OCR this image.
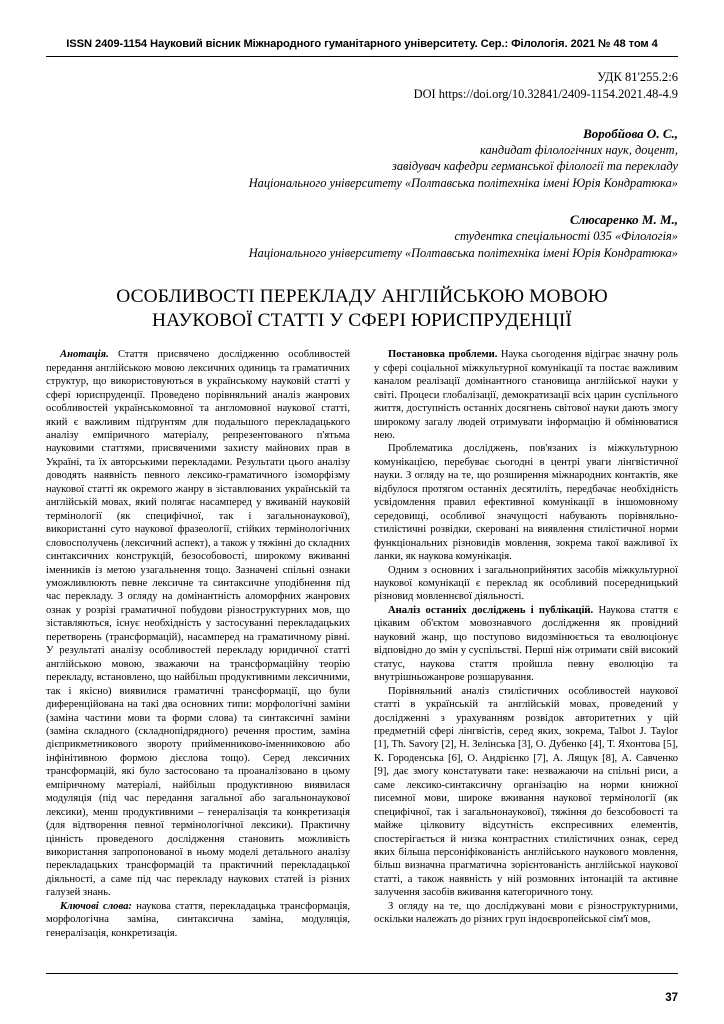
ISSN 2409-1154 Науковий вісник Міжнародного гуманітарного університету. Сер.: Філологія. 2021 № 48 том 4
УДК 81'255.2:6
DOI https://doi.org/10.32841/2409-1154.2021.48-4.9
Воробйова О. С.,
кандидат філологічних наук, доцент,
завідувач кафедри германської філології та перекладу
Національного університету «Полтавська політехніка імені Юрія Кондратюка»
Слюсаренко М. М.,
студентка спеціальності 035 «Філологія»
Національного університету «Полтавська політехніка імені Юрія Кондратюка»
ОСОБЛИВОСТІ ПЕРЕКЛАДУ АНГЛІЙСЬКОЮ МОВОЮ
НАУКОВОЇ СТАТТІ У СФЕРІ ЮРИСПРУДЕНЦІЇ

Анотація. Стаття присвячено дослідженню особливостей передання англійською мовою лексичних одиниць та граматичних структур, що використовуються в українському науковій статті у сфері юриспруденції. Проведено порівняльний аналіз жанрових особливостей українськомовної та англомовної наукової статті, який є важливим підґрунтям для подальшого перекладацького аналізу емпіричного матеріалу, репрезентованого п'ятьма науковими статтями, присвяченими захисту майнових прав в Україні, та їх авторськими перекладами. Результати цього аналізу доводять наявність певного лексико-граматичного ізоморфізму наукової статті як окремого жанру в зіставлюваних українській та англійській мовах, який полягає насамперед у вживаній науковій термінології (як специфічної, так і загальнонаукової), використанні суто наукової фразеології, стійких термінологічних словосполучень (лексичний аспект), а також у тяжінні до складних синтаксичних конструкцій, безособовості, широкому вживанні іменників із метою узагальнення тощо. Зазначені спільні ознаки уможливлюють певне лексичне та синтаксичне уподібнення під час перекладу. З огляду на домінантність аломорфних жанрових ознак у розрізі граматичної побудови різноструктурних мов, що зіставляються, існує необхідність у застосуванні перекладацьких перетворень (трансформацій), насамперед на граматичному рівні. У результаті аналізу особливостей перекладу юридичної статті англійською мовою, зважаючи на трансформаційну теорію перекладу, встановлено, що найбільш продуктивними лексичними, так і якісно) виявилися граматичні трансформації, що були диференційована на такі два основних типи: морфологічні заміни (заміна частини мови та форми слова) та синтаксичні заміни (заміна складного (складнопідрядного) речення простим, заміна дієприкметникового звороту прийменниково-іменниковою або інфінітивною формою дієслова тощо). Серед лексичних трансформацій, які було застосовано та проаналізовано в цьому емпіричному матеріалі, найбільш продуктивною виявилася модуляція (під час передання загальної або загальнонаукової лексики), менш продуктивними – генералізація та конкретизація (для відтворення певної термінологічної лексики). Практичну цінність проведеного дослідження становить можливість використання запропонованої в ньому моделі детального аналізу перекладацьких трансформацій та практичний перекладацької діяльності, а саме під час перекладу наукових статей із різних галузей знань.

Ключові слова: наукова стаття, перекладацька трансформація, морфологічна заміна, синтаксична заміна, модуляція, генералізація, конкретизація.

Постановка проблеми. Наука сьогодення відіграє значну роль у сфері соціальної міжкультурної комунікації та постає важливим каналом реалізації домінантного становища англійської науки у світі. Процеси глобалізації, демократизації всіх царин суспільного життя, доступність останніх досягнень світової науки дають змогу широкому загалу людей отримувати інформацію й обмінюватися нею.

Проблематика досліджень, пов'язаних із міжкультурною комунікацією, перебуває сьогодні в центрі уваги лінгвістичної науки. З огляду на те, що розширення міжнародних контактів, яке відбулося протягом останніх десятиліть, передбачає необхідність усвідомлення правил ефективної комунікації в іншомовному середовищі, особливої значущості набувають порівняльно-стилістичні розвідки, скеровані на виявлення стилістичної норми функціональних різновидів мовлення, зокрема такої важливої їх ланки, як наукова комунікація.

Одним з основних і загальноприйнятих засобів міжкультурної наукової комунікації є переклад як особливий посередницький різновид мовленнєвої діяльності.

Аналіз останніх досліджень і публікацій. Наукова стаття є цікавим об'єктом мовознавчого дослідження як провідний науковий жанр, що поступово видозмінюється та еволюціонує відповідно до змін у суспільстві. Перші ніж отримати свій високий статус, наукова стаття пройшла певну еволюцію та внутрішньожанрове розшарування.

Порівняльний аналіз стилістичних особливостей наукової статті в українській та англійській мовах, проведений у дослідженні з урахуванням розвідок авторитетних у цій предметній сфері лінгвістів, серед яких, зокрема, Talbot J. Taylor [1], Th. Savory [2], Н. Зелінська [3], О. Дубенко [4], Т. Яхонтова [5], К. Городенська [6], О. Андрієнко [7], А. Лящук [8], А. Савченко [9], дає змогу констатувати таке: незважаючи на спільні риси, а саме лексико-синтаксичну організацію на норми книжної писемної мови, широке вживання наукової термінології (як специфічної, так і загальнонаукової), тяжіння до безсобовості та майже цілковиту відсутність експресивних елементів, спостерігається й низка контрастних стилістичних ознак, серед яких більша персоніфікованість англійського наукового мовлення, більш визначна прагматична зорієнтованість англійської наукової статті, а також наявність у ній розмовних інтонацій та активне залучення засобів вживання категоричного тону.

З огляду на те, що досліджувані мови є різноструктурними, оскільки належать до різних груп індоєвропейської сім'ї мов,

37
